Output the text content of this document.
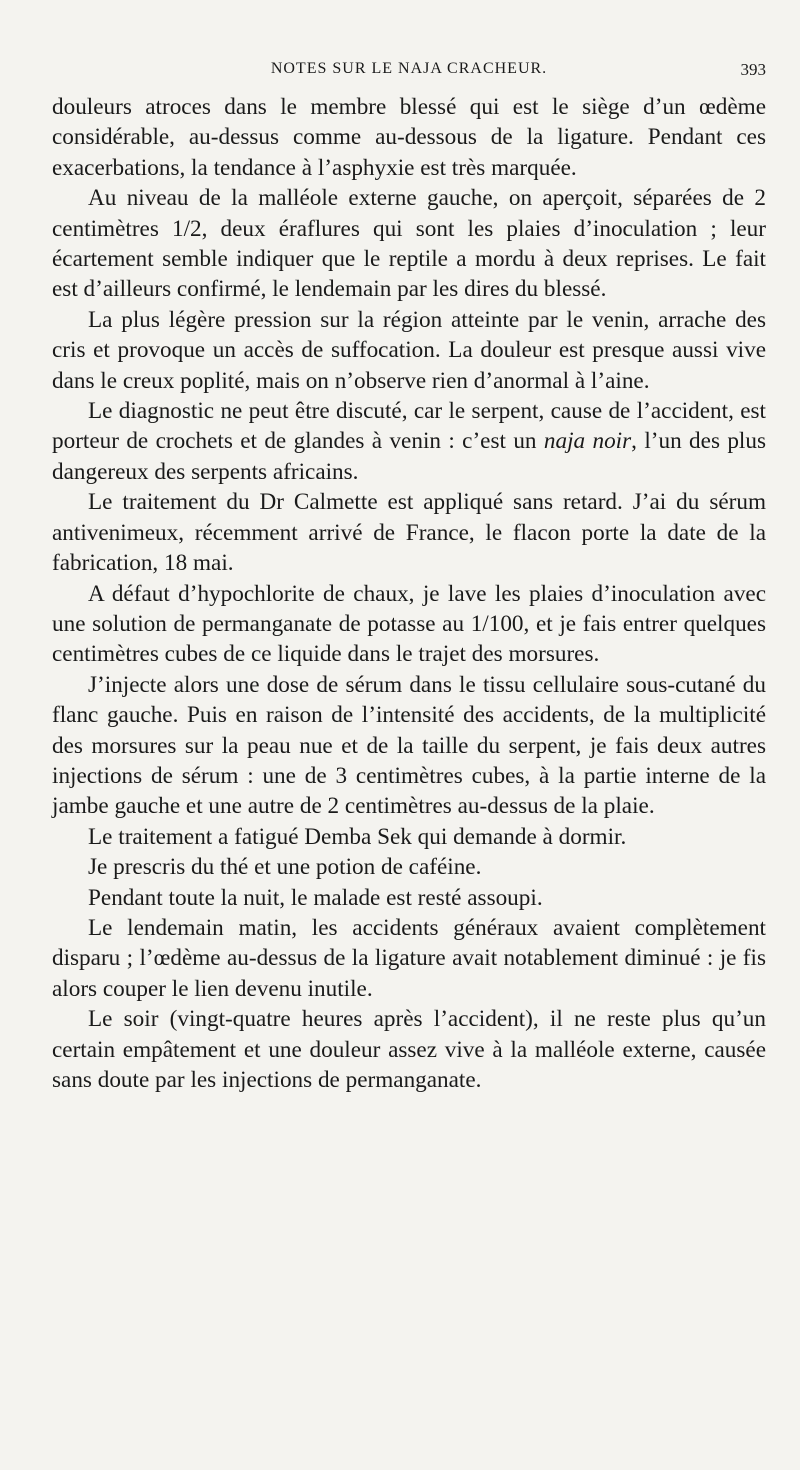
NOTES SUR LE NAJA CRACHEUR.	393

douleurs atroces dans le membre blessé qui est le siège d’un œdème considérable, au-dessus comme au-dessous de la ligature. Pendant ces exacerbations, la tendance à l’asphyxie est très marquée.

Au niveau de la malléole externe gauche, on aperçoit, séparées de 2 centimètres 1/2, deux éraflures qui sont les plaies d’inoculation ; leur écartement semble indiquer que le reptile a mordu à deux reprises. Le fait est d’ailleurs confirmé, le lendemain par les dires du blessé.

La plus légère pression sur la région atteinte par le venin, arrache des cris et provoque un accès de suffocation. La douleur est presque aussi vive dans le creux poplité, mais on n’observe rien d’anormal à l’aine.

Le diagnostic ne peut être discuté, car le serpent, cause de l’accident, est porteur de crochets et de glandes à venin : c’est un naja noir, l’un des plus dangereux des serpents africains.

Le traitement du Dr Calmette est appliqué sans retard. J’ai du sérum antivenimeux, récemment arrivé de France, le flacon porte la date de la fabrication, 18 mai.

A défaut d’hypochlorite de chaux, je lave les plaies d’inoculation avec une solution de permanganate de potasse au 1/100, et je fais entrer quelques centimètres cubes de ce liquide dans le trajet des morsures.

J’injecte alors une dose de sérum dans le tissu cellulaire sous-cutané du flanc gauche. Puis en raison de l’intensité des accidents, de la multiplicité des morsures sur la peau nue et de la taille du serpent, je fais deux autres injections de sérum : une de 3 centimètres cubes, à la partie interne de la jambe gauche et une autre de 2 centimètres au-dessus de la plaie.

Le traitement a fatigué Demba Sek qui demande à dormir.

Je prescris du thé et une potion de caféine.

Pendant toute la nuit, le malade est resté assoupi.

Le lendemain matin, les accidents généraux avaient complètement disparu ; l’œdème au-dessus de la ligature avait notablement diminué : je fis alors couper le lien devenu inutile.

Le soir (vingt-quatre heures après l’accident), il ne reste plus qu’un certain empâtement et une douleur assez vive à la malléole externe, causée sans doute par les injections de permanganate.
